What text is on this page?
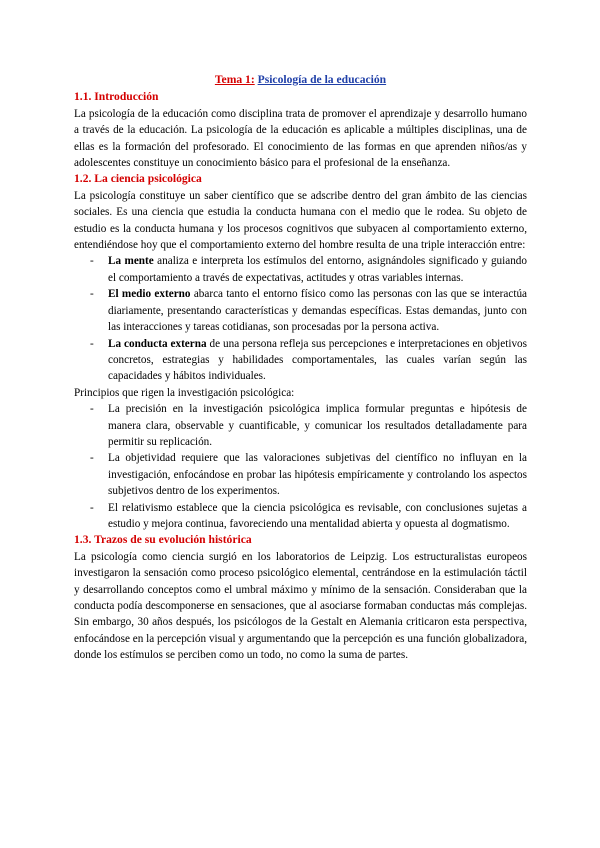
Tema 1: Psicología de la educación
1.1. Introducción

La psicología de la educación como disciplina trata de promover el aprendizaje y desarrollo humano a través de la educación. La psicología de la educación es aplicable a múltiples disciplinas, una de ellas es la formación del profesorado. El conocimiento de las formas en que aprenden niños/as y adolescentes constituye un conocimiento básico para el profesional de la enseñanza.

1.2. La ciencia psicológica

La psicología constituye un saber científico que se adscribe dentro del gran ámbito de las ciencias sociales. Es una ciencia que estudia la conducta humana con el medio que le rodea. Su objeto de estudio es la conducta humana y los procesos cognitivos que subyacen al comportamiento externo, entendiéndose hoy que el comportamiento externo del hombre resulta de una triple interacción entre:

- La mente analiza e interpreta los estímulos del entorno, asignándoles significado y guiando el comportamiento a través de expectativas, actitudes y otras variables internas.
- El medio externo abarca tanto el entorno físico como las personas con las que se interactúa diariamente, presentando características y demandas específicas. Estas demandas, junto con las interacciones y tareas cotidianas, son procesadas por la persona activa.
- La conducta externa de una persona refleja sus percepciones e interpretaciones en objetivos concretos, estrategias y habilidades comportamentales, las cuales varían según las capacidades y hábitos individuales.

Principios que rigen la investigación psicológica:

- La precisión en la investigación psicológica implica formular preguntas e hipótesis de manera clara, observable y cuantificable, y comunicar los resultados detalladamente para permitir su replicación.
- La objetividad requiere que las valoraciones subjetivas del científico no influyan en la investigación, enfocándose en probar las hipótesis empíricamente y controlando los aspectos subjetivos dentro de los experimentos.
- El relativismo establece que la ciencia psicológica es revisable, con conclusiones sujetas a estudio y mejora continua, favoreciendo una mentalidad abierta y opuesta al dogmatismo.
1.3. Trazos de su evolución histórica

La psicología como ciencia surgió en los laboratorios de Leipzig. Los estructuralistas europeos investigaron la sensación como proceso psicológico elemental, centrándose en la estimulación táctil y desarrollando conceptos como el umbral máximo y mínimo de la sensación. Consideraban que la conducta podía descomponerse en sensaciones, que al asociarse formaban conductas más complejas. Sin embargo, 30 años después, los psicólogos de la Gestalt en Alemania criticaron esta perspectiva, enfocándose en la percepción visual y argumentando que la percepción es una función globalizadora, donde los estímulos se perciben como un todo, no como la suma de partes.
